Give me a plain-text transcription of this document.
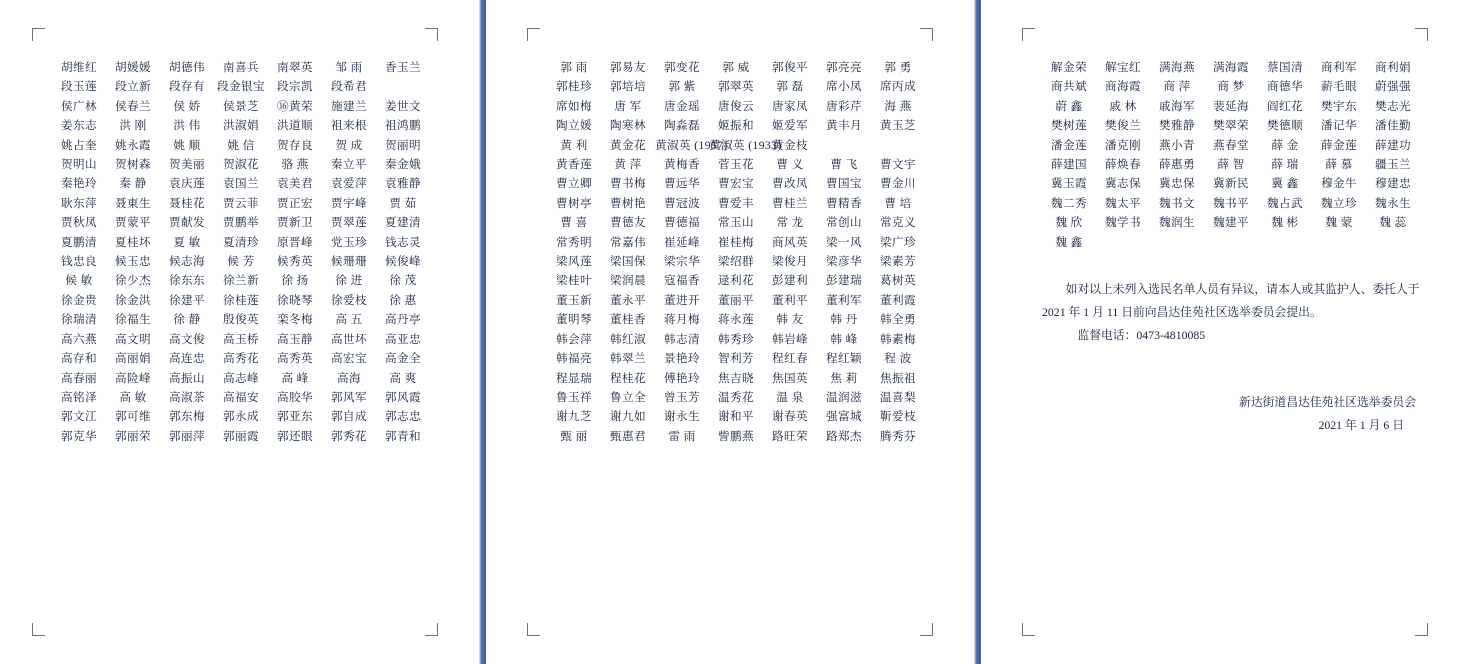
胡维红	胡媛媛	胡德伟	南喜兵	南翠英	邹 雨	香玉兰
段玉莲	段立新	段存有	段金银宝	段宗凯	段希君	
侯广林	侯春兰	侯 娇	侯景芝	⑯黄荣	施建兰	姜世文
姜东志	洪 刚	洪 伟	洪淑娟	洪道顺	祖来根	祖鸿鹏
姚占奎	姚永霞	姚 顺	姚 信	贺存良	贺 成	贺丽明
贺明山	贺树森	贺美丽	贺淑花	骆 燕	秦立平	秦金娥
秦艳玲	秦 静	袁庆莲	袁国兰	袁美君	袁爱萍	袁雅静
耿东萍	聂東生	聂桂花	贾云菲	贾正宏	贾宇峰	贾 茹
贾秋凤	贾蒙平	贾献发	贾鹏举	贾新卫	贾翠莲	夏建清
夏鹏清	夏桂坏	夏 敏	夏清珍	原晋峰	党玉珍	钱志灵
钱忠良	候玉忠	候志海	候 芳	候秀英	候珊珊	候俊峰
候 敏	徐少杰	徐东东	徐兰新	徐 扬	徐 进	徐 茂
徐金贵	徐金洪	徐建平	徐桂莲	徐晓琴	徐爱枝	徐 惠
徐瑞清	徐福生	徐 静	殷俊英	栾冬梅	高 五	高丹亭
高六燕	高文明	高文俊	高玉桥	高玉静	高世坏	高亚忠
高存和	高丽娟	高连忠	高秀花	高秀英	高宏宝	高金全
高春丽	高险峰	高振山	高志峰	高 峰	高海	高 爽
高铭泽	高 敏	高淑茶	高福安	高胶华	郭风军	郭风霞
郭文江	郭可维	郭东梅	郭永成	郭亚东	郭自成	郭志忠
郭克华	郭丽荣	郭丽萍	郭丽霞	郭还眼	郭秀花	郭青和
郭 雨	郭易友	郭变花	郭 威	郭俊平	郭亮亮	郭 勇
郭桂珍	郭培培	郭 紫	郭翠英	郭 磊	席小凤	席丙成
席如梅	唐 军	唐金瑶	唐俊云	唐家凤	唐彩芹	海 燕
陶立媛	陶寒林	陶淼磊	姬振和	姬爱军	黄丰月	黄玉芝
黄 利	黄金花	黄淑英 (1957)	黄淑英 (1933)	黄金枝		
黄香莲	黄 萍	黄梅香	菅玉花	曹 义	曹 飞	曹文宇
曹立卿	曹书梅	曹远华	曹宏宝	曹改凤	曹国宝	曹金川
曹树亭	曹树艳	曹冠波	曹爱丰	曹桂兰	曹精香	曹 培
曹 喜	曹德友	曹德福	常玉山	常 龙	常创山	常克义
常秀明	常嘉伟	崔延峰	崔桂梅	商风英	梁一风	梁广珍
梁风莲	梁国保	梁宗华	梁绍群	梁俊月	梁彦华	梁素芳
梁桂叶	梁润晨	寇福香	逯利花	彭建利	彭建瑞	葛树英
董玉新	董永平	董进开	董丽平	董利平	董利军	董利霞
董明琴	董桂香	蒋月梅	蒋永莲	韩 友	韩 丹	韩全勇
韩会萍	韩红淑	韩志清	韩秀珍	韩岩峰	韩 峰	韩素梅
韩福亮	韩翠兰	景艳玲	智利芳	程红春	程红颖	程 波
程显瑞	程桂花	傅艳玲	焦吉晓	焦国英	焦 莉	焦振祖
鲁玉祥	鲁立全	曾玉芳	温秀花	温 泉	温润滋	温喜梨
谢九芝	谢九如	谢永生	谢和平	谢春英	强富城	靳爱枝
甄 丽	甄惠君	雷 雨	訾鹏燕	路旺荣	路郑杰	腾秀芬
解金荣	解宝红	满海燕	满海霞	蔡国清	商利军	商利娟
商共斌	商海霞	商 萍	商 梦	商德华	薪毛眼	蔚强强
蔚 鑫	戚 林	戚海军	裴延海	阎红花	樊宇东	樊志光
樊树莲	樊俊兰	樊雅静	樊翠荣	樊德顺	潘记华	潘佳勤
潘金莲	潘克刚	燕小青	燕春堂	薛 金	薛金莲	薛建功
薛建国	薛焕春	薛惠勇	薛 智	薛 瑞	薛 慕	疆玉兰
冀玉霞	冀志保	冀忠保	冀新民	冀 鑫	穆金牛	穆建忠
魏二秀	魏太平	魏书文	魏书平	魏占武	魏立珍	魏永生
魏 欣	魏学书	魏润生	魏建平	魏 彬	魏 蒙	魏 蕊
魏 鑫						

如对以上未列入选民名单人员有异议，请本人或其监护人、委托人于 2021 年 1 月 11 日前向昌达佳苑社区选举委员会提出。

监督电话：0473-4810085

新达街道昌达佳苑社区选举委员会
2021 年 1 月 6 日
